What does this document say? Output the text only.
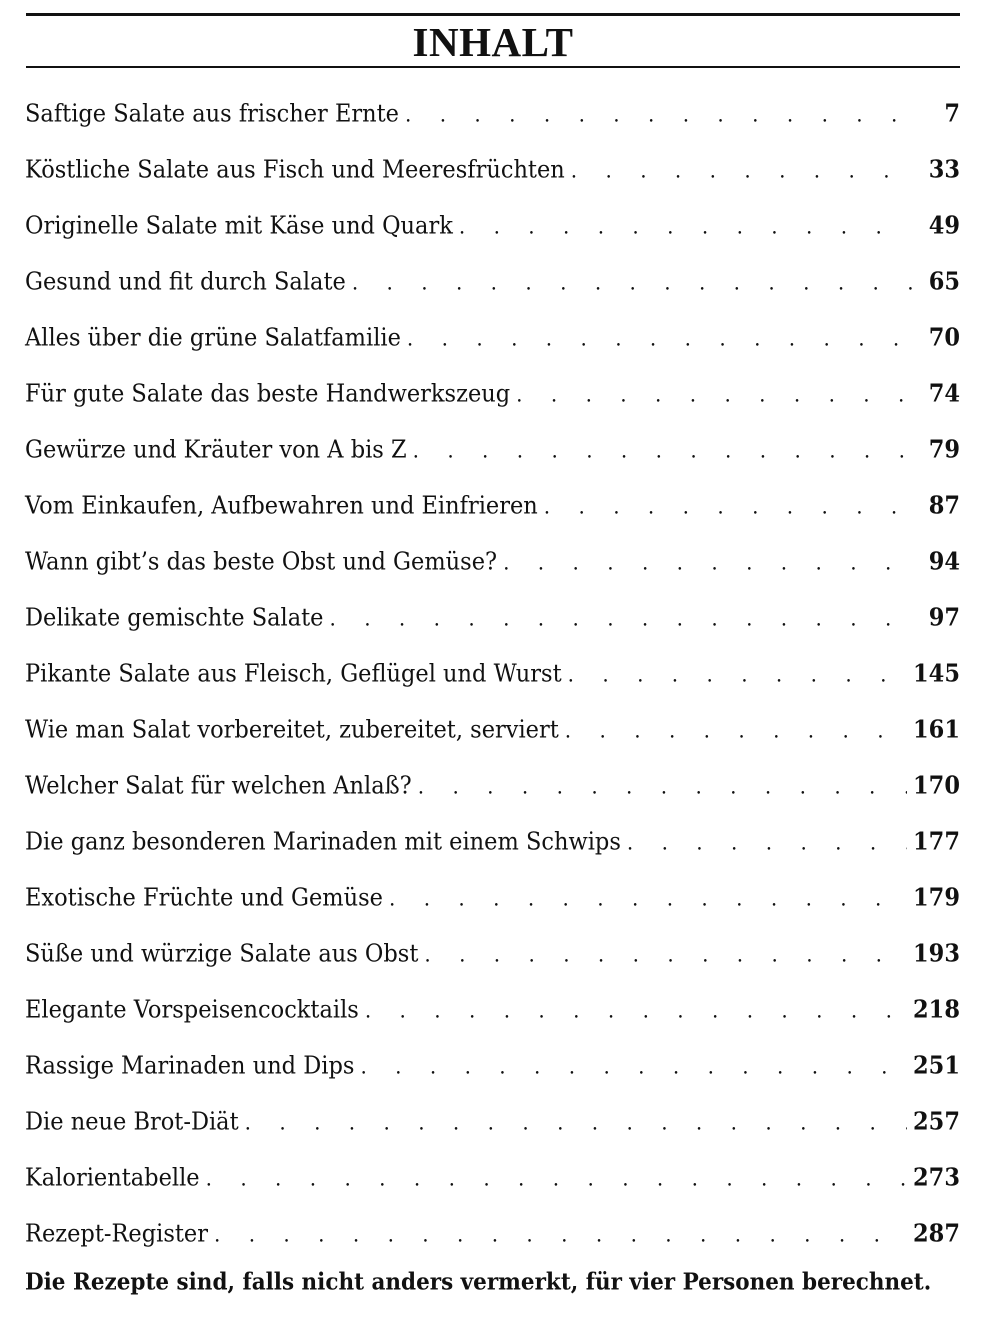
INHALT
Saftige Salate aus frischer Ernte . . .	7
Köstliche Salate aus Fisch und Meeresfrüchten . . .	33
Originelle Salate mit Käse und Quark . . .	49
Gesund und fit durch Salate . . .	65
Alles über die grüne Salatfamilie . . .	70
Für gute Salate das beste Handwerkszeug . . .	74
Gewürze und Kräuter von A bis Z . . .	79
Vom Einkaufen, Aufbewahren und Einfrieren . . .	87
Wann gibt’s das beste Obst und Gemüse? . . .	94
Delikate gemischte Salate . . .	97
Pikante Salate aus Fleisch, Geflügel und Wurst . . .	145
Wie man Salat vorbereitet, zubereitet, serviert . . .	161
Welcher Salat für welchen Anlaß? . . .	170
Die ganz besonderen Marinaden mit einem Schwips . . .	177
Exotische Früchte und Gemüse . . .	179
Süße und würzige Salate aus Obst . . .	193
Elegante Vorspeisencocktails . . .	218
Rassige Marinaden und Dips . . .	251
Die neue Brot-Diät . . .	257
Kalorientabelle . . .	273
Rezept-Register . . .	287
Die Rezepte sind, falls nicht anders vermerkt, für vier Personen berechnet.
